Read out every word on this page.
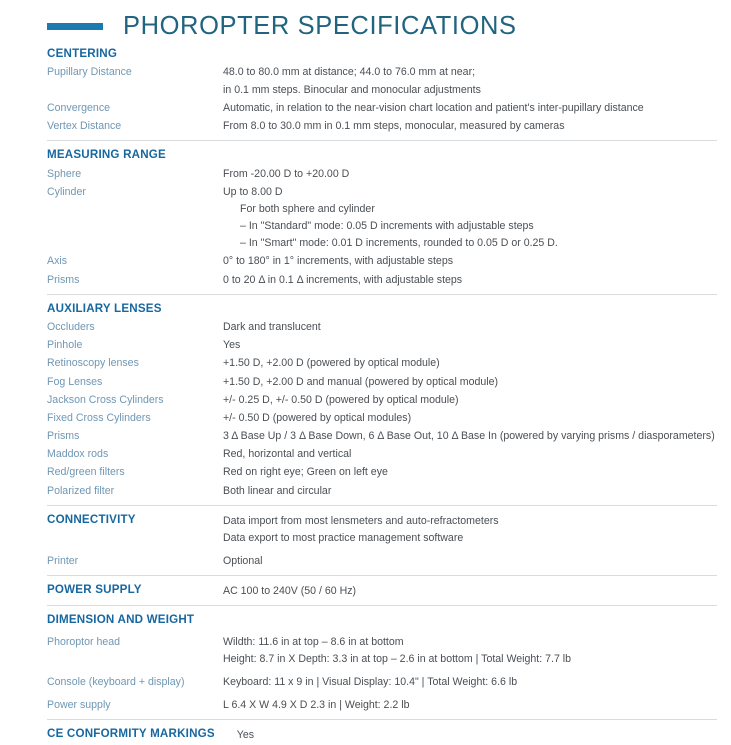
PHOROPTER SPECIFICATIONS
CENTERING
Pupillary Distance	48.0 to 80.0 mm at distance; 44.0 to 76.0 mm at near;
in 0.1 mm steps. Binocular and monocular adjustments
Convergence	Automatic, in relation to the near-vision chart location and patient's inter-pupillary distance
Vertex Distance	From 8.0 to 30.0 mm in 0.1 mm steps, monocular, measured by cameras
MEASURING RANGE
Sphere	From -20.00 D to +20.00 D
Cylinder	Up to 8.00 D
For both sphere and cylinder
– In "Standard" mode: 0.05 D increments with adjustable steps
– In "Smart" mode: 0.01 D increments, rounded to 0.05 D or 0.25 D.
Axis	0° to 180° in 1° increments, with adjustable steps
Prisms	0 to 20 Δ in 0.1 Δ increments, with adjustable steps
AUXILIARY LENSES
Occluders	Dark and translucent
Pinhole	Yes
Retinoscopy lenses	+1.50 D, +2.00 D (powered by optical module)
Fog Lenses	+1.50 D, +2.00 D and manual (powered by optical module)
Jackson Cross Cylinders	+/- 0.25 D, +/- 0.50 D (powered by optical module)
Fixed Cross Cylinders	+/- 0.50 D (powered by optical modules)
Prisms	3 Δ Base Up / 3 Δ Base Down, 6 Δ Base Out, 10 Δ Base In (powered by varying prisms / diasporameters)
Maddox rods	Red, horizontal and vertical
Red/green filters	Red on right eye; Green on left eye
Polarized filter	Both linear and circular
CONNECTIVITY	Data import from most lensmeters and auto-refractometers
Data export to most practice management software
Printer	Optional
POWER SUPPLY	AC 100 to 240V (50 / 60 Hz)
DIMENSION AND WEIGHT
Phoroptor head	Wildth: 11.6 in at top – 8.6 in at bottom
Height: 8.7 in X Depth: 3.3 in at top – 2.6 in at bottom | Total Weight: 7.7 lb
Console (keyboard + display)	Keyboard: 11 x 9 in | Visual Display: 10.4" | Total Weight: 6.6 lb
Power supply	L 6.4 X W 4.9 X D 2.3 in | Weight: 2.2 lb
CE CONFORMITY MARKINGS Yes
